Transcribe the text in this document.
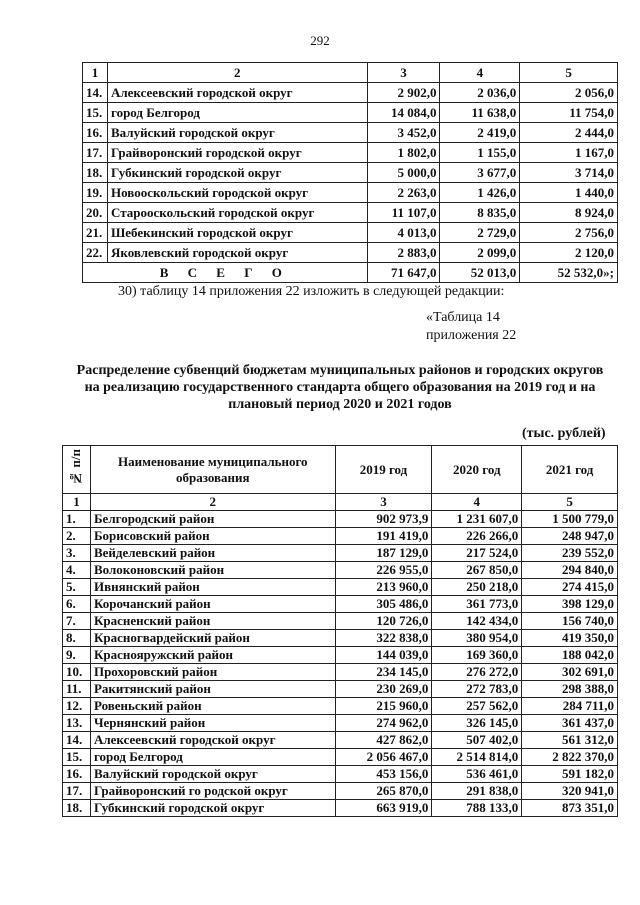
292
1	2	3	4	5
14.	Алексеевский городской округ	2 902,0	2 036,0	2 056,0
15.	город Белгород	14 084,0	11 638,0	11 754,0
16.	Валуйский городской округ	3 452,0	2 419,0	2 444,0
17.	Грайворонский городской округ	1 802,0	1 155,0	1 167,0
18.	Губкинский городской округ	5 000,0	3 677,0	3 714,0
19.	Новооскольский городской округ	2 263,0	1 426,0	1 440,0
20.	Старооскольский городской округ	11 107,0	8 835,0	8 924,0
21.	Шебекинский городской округ	4 013,0	2 729,0	2 756,0
22.	Яковлевский городской округ	2 883,0	2 099,0	2 120,0
В С Е Г О		71 647,0	52 013,0	52 532,0»;
30) таблицу 14 приложения 22 изложить в следующей редакции:
«Таблица 14
приложения 22
Распределение субвенций бюджетам муниципальных районов и городских округов на реализацию государственного стандарта общего образования на 2019 год и на плановый период 2020 и 2021 годов
(тыс. рублей)
№ п/п	Наименование муниципального образования	2019 год	2020 год	2021 год
1	2	3	4	5
1.	Белгородский район	902 973,9	1 231 607,0	1 500 779,0
2.	Борисовский район	191 419,0	226 266,0	248 947,0
3.	Вейделевский район	187 129,0	217 524,0	239 552,0
4.	Волоконовский район	226 955,0	267 850,0	294 840,0
5.	Ивнянский район	213 960,0	250 218,0	274 415,0
6.	Корочанский район	305 486,0	361 773,0	398 129,0
7.	Красненский район	120 726,0	142 434,0	156 740,0
8.	Красногвардейский район	322 838,0	380 954,0	419 350,0
9.	Краснояружский район	144 039,0	169 360,0	188 042,0
10.	Прохоровский район	234 145,0	276 272,0	302 691,0
11.	Ракитянский район	230 269,0	272 783,0	298 388,0
12.	Ровеньский район	215 960,0	257 562,0	284 711,0
13.	Чернянский район	274 962,0	326 145,0	361 437,0
14.	Алексеевский городской округ	427 862,0	507 402,0	561 312,0
15.	город Белгород	2 056 467,0	2 514 814,0	2 822 370,0
16.	Валуйский городской округ	453 156,0	536 461,0	591 182,0
17.	Грайворонский го родской округ	265 870,0	291 838,0	320 941,0
18.	Губкинский городской округ	663 919,0	788 133,0	873 351,0
